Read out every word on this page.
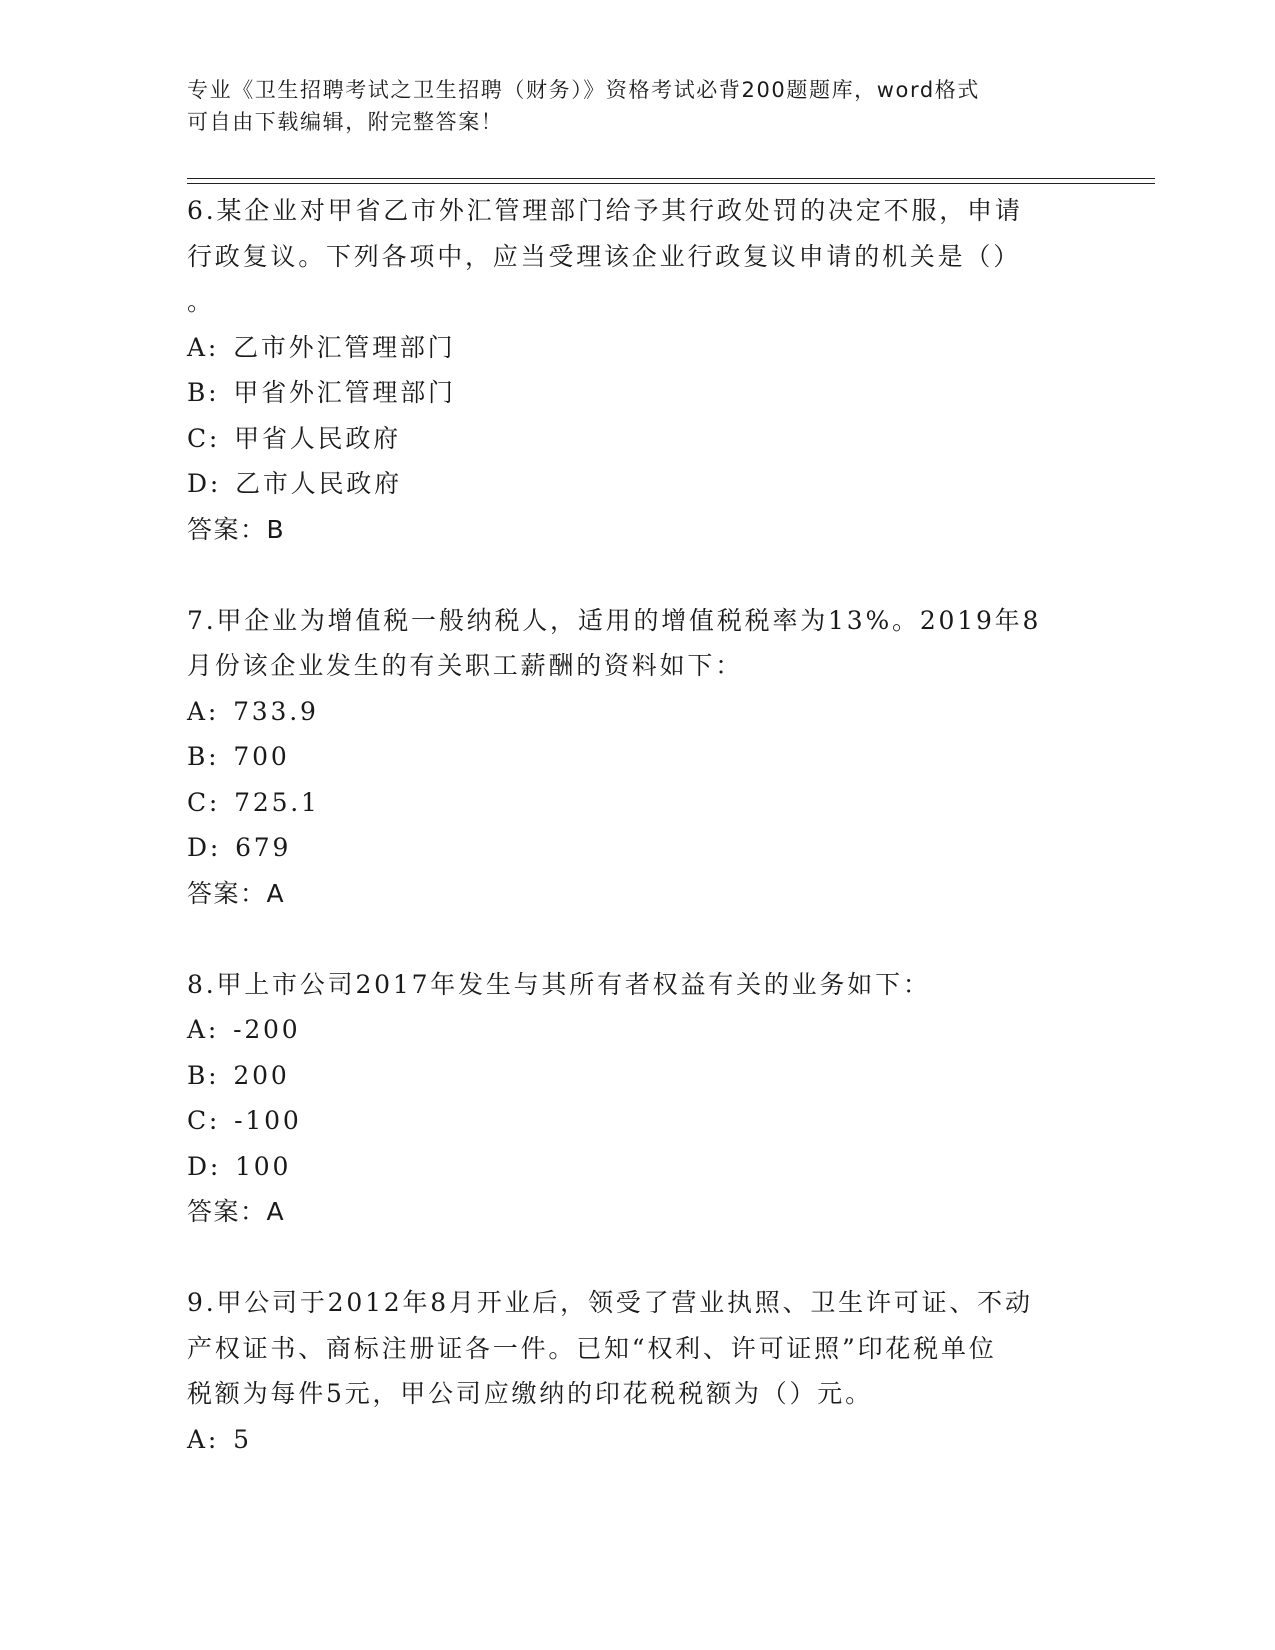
专业《卫生招聘考试之卫生招聘（财务）》资格考试必背200题题库，word格式
可自由下载编辑，附完整答案！
6.某企业对甲省乙市外汇管理部门给予其行政处罚的决定不服，申请
行政复议。下列各项中，应当受理该企业行政复议申请的机关是（）
。
A: 乙市外汇管理部门
B: 甲省外汇管理部门
C: 甲省人民政府
D: 乙市人民政府
答案：B
7.甲企业为增值税一般纳税人，适用的增值税税率为13%。2019年8
月份该企业发生的有关职工薪酬的资料如下：
A: 733.9
B: 700
C: 725.1
D: 679
答案：A
8.甲上市公司2017年发生与其所有者权益有关的业务如下：
A: -200
B: 200
C: -100
D: 100
答案：A
9.甲公司于2012年8月开业后，领受了营业执照、卫生许可证、不动
产权证书、商标注册证各一件。已知“权利、许可证照”印花税单位
税额为每件5元，甲公司应缴纳的印花税税额为（）元。
A: 5
